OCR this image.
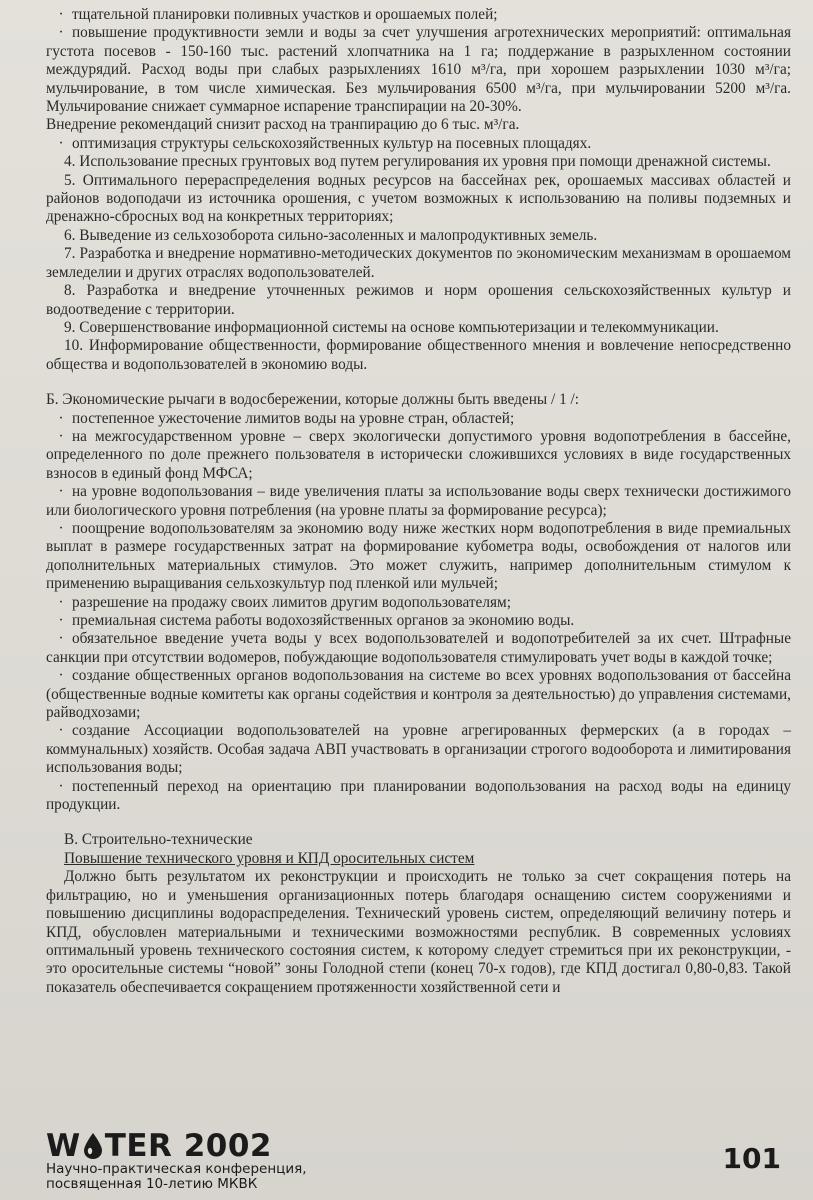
· тщательной планировки поливных участков и орошаемых полей;

· повышение продуктивности земли и воды за счет улучшения агротехнических мероприятий: оптимальная густота посевов - 150-160 тыс. растений хлопчатника на 1 га; поддержание в разрыхленном состоянии междурядий. Расход воды при слабых разрыхлениях 1610 м³/га, при хорошем разрыхлении 1030 м³/га; мульчирование, в том числе химическая. Без мульчирования 6500 м³/га, при мульчировании 5200 м³/га. Мульчирование снижает суммарное испарение транспирации на 20-30%.

Внедрение рекомендаций снизит расход на транпирацию до 6 тыс. м³/га.

· оптимизация структуры сельскохозяйственных культур на посевных площадях.

4. Использование пресных грунтовых вод путем регулирования их уровня при помощи дренажной системы.

5. Оптимального перераспределения водных ресурсов на бассейнах рек, орошаемых массивах областей и районов водоподачи из источника орошения, с учетом возможных к использованию на поливы подземных и дренажно-сбросных вод на конкретных территориях;

6. Выведение из сельхозоборота сильно-засоленных и малопродуктивных земель.

7. Разработка и внедрение нормативно-методических документов по экономическим механизмам в орошаемом земледелии и других отраслях водопользователей.

8. Разработка и внедрение уточненных режимов и норм орошения сельскохозяйственных культур и водоотведение с территории.

9. Совершенствование информационной системы на основе компьютеризации и телекоммуникации.

10. Информирование общественности, формирование общественного мнения и вовлечение непосредственно общества и водопользователей в экономию воды.

Б. Экономические рычаги в водосбережении, которые должны быть введены / 1 /:

· постепенное ужесточение лимитов воды на уровне стран, областей;

· на межгосударственном уровне – сверх экологически допустимого уровня водопотребления в бассейне, определенного по доле прежнего пользователя в исторически сложившихся условиях в виде государственных взносов в единый фонд МФСА;

· на уровне водопользования – виде увеличения платы за использование воды сверх технически достижимого или биологического уровня потребления (на уровне платы за формирование ресурса);

· поощрение водопользователям за экономию воду ниже жестких норм водопотребления в виде премиальных выплат в размере государственных затрат на формирование кубометра воды, освобождения от налогов или дополнительных материальных стимулов. Это может служить, например дополнительным стимулом к применению выращивания сельхозкультур под пленкой или мульчей;

· разрешение на продажу своих лимитов другим водопользователям;

· премиальная система работы водохозяйственных органов за экономию воды.

· обязательное введение учета воды у всех водопользователей и водопотребителей за их счет. Штрафные санкции при отсутствии водомеров, побуждающие водопользователя стимулировать учет воды в каждой точке;

· создание общественных органов водопользования на системе во всех уровнях водопользования от бассейна (общественные водные комитеты как органы содействия и контроля за деятельностью) до управления системами, райводхозами;

· создание Ассоциации водопользователей на уровне агрегированных фермерских (а в городах – коммунальных) хозяйств. Особая задача АВП участвовать в организации строгого водооборота и лимитирования использования воды;

· постепенный переход на ориентацию при планировании водопользования на расход воды на единицу продукции.

В. Строительно-технические

Повышение технического уровня и КПД оросительных систем

Должно быть результатом их реконструкции и происходить не только за счет сокращения потерь на фильтрацию, но и уменьшения организационных потерь благодаря оснащению систем сооружениями и повышению дисциплины водораспределения. Технический уровень систем, определяющий величину потерь и КПД, обусловлен материальными и техническими возможностями республик. В современных условиях оптимальный уровень технического состояния систем, к которому следует стремиться при их реконструкции, - это оросительные системы “новой” зоны Голодной степи (конец 70-х годов), где КПД достигал 0,80-0,83. Такой показатель обеспечивается сокращением протяженности хозяйственной сети и

W TER 2002
Научно-практическая конференция,
посвященная 10-летию МКВК
101
